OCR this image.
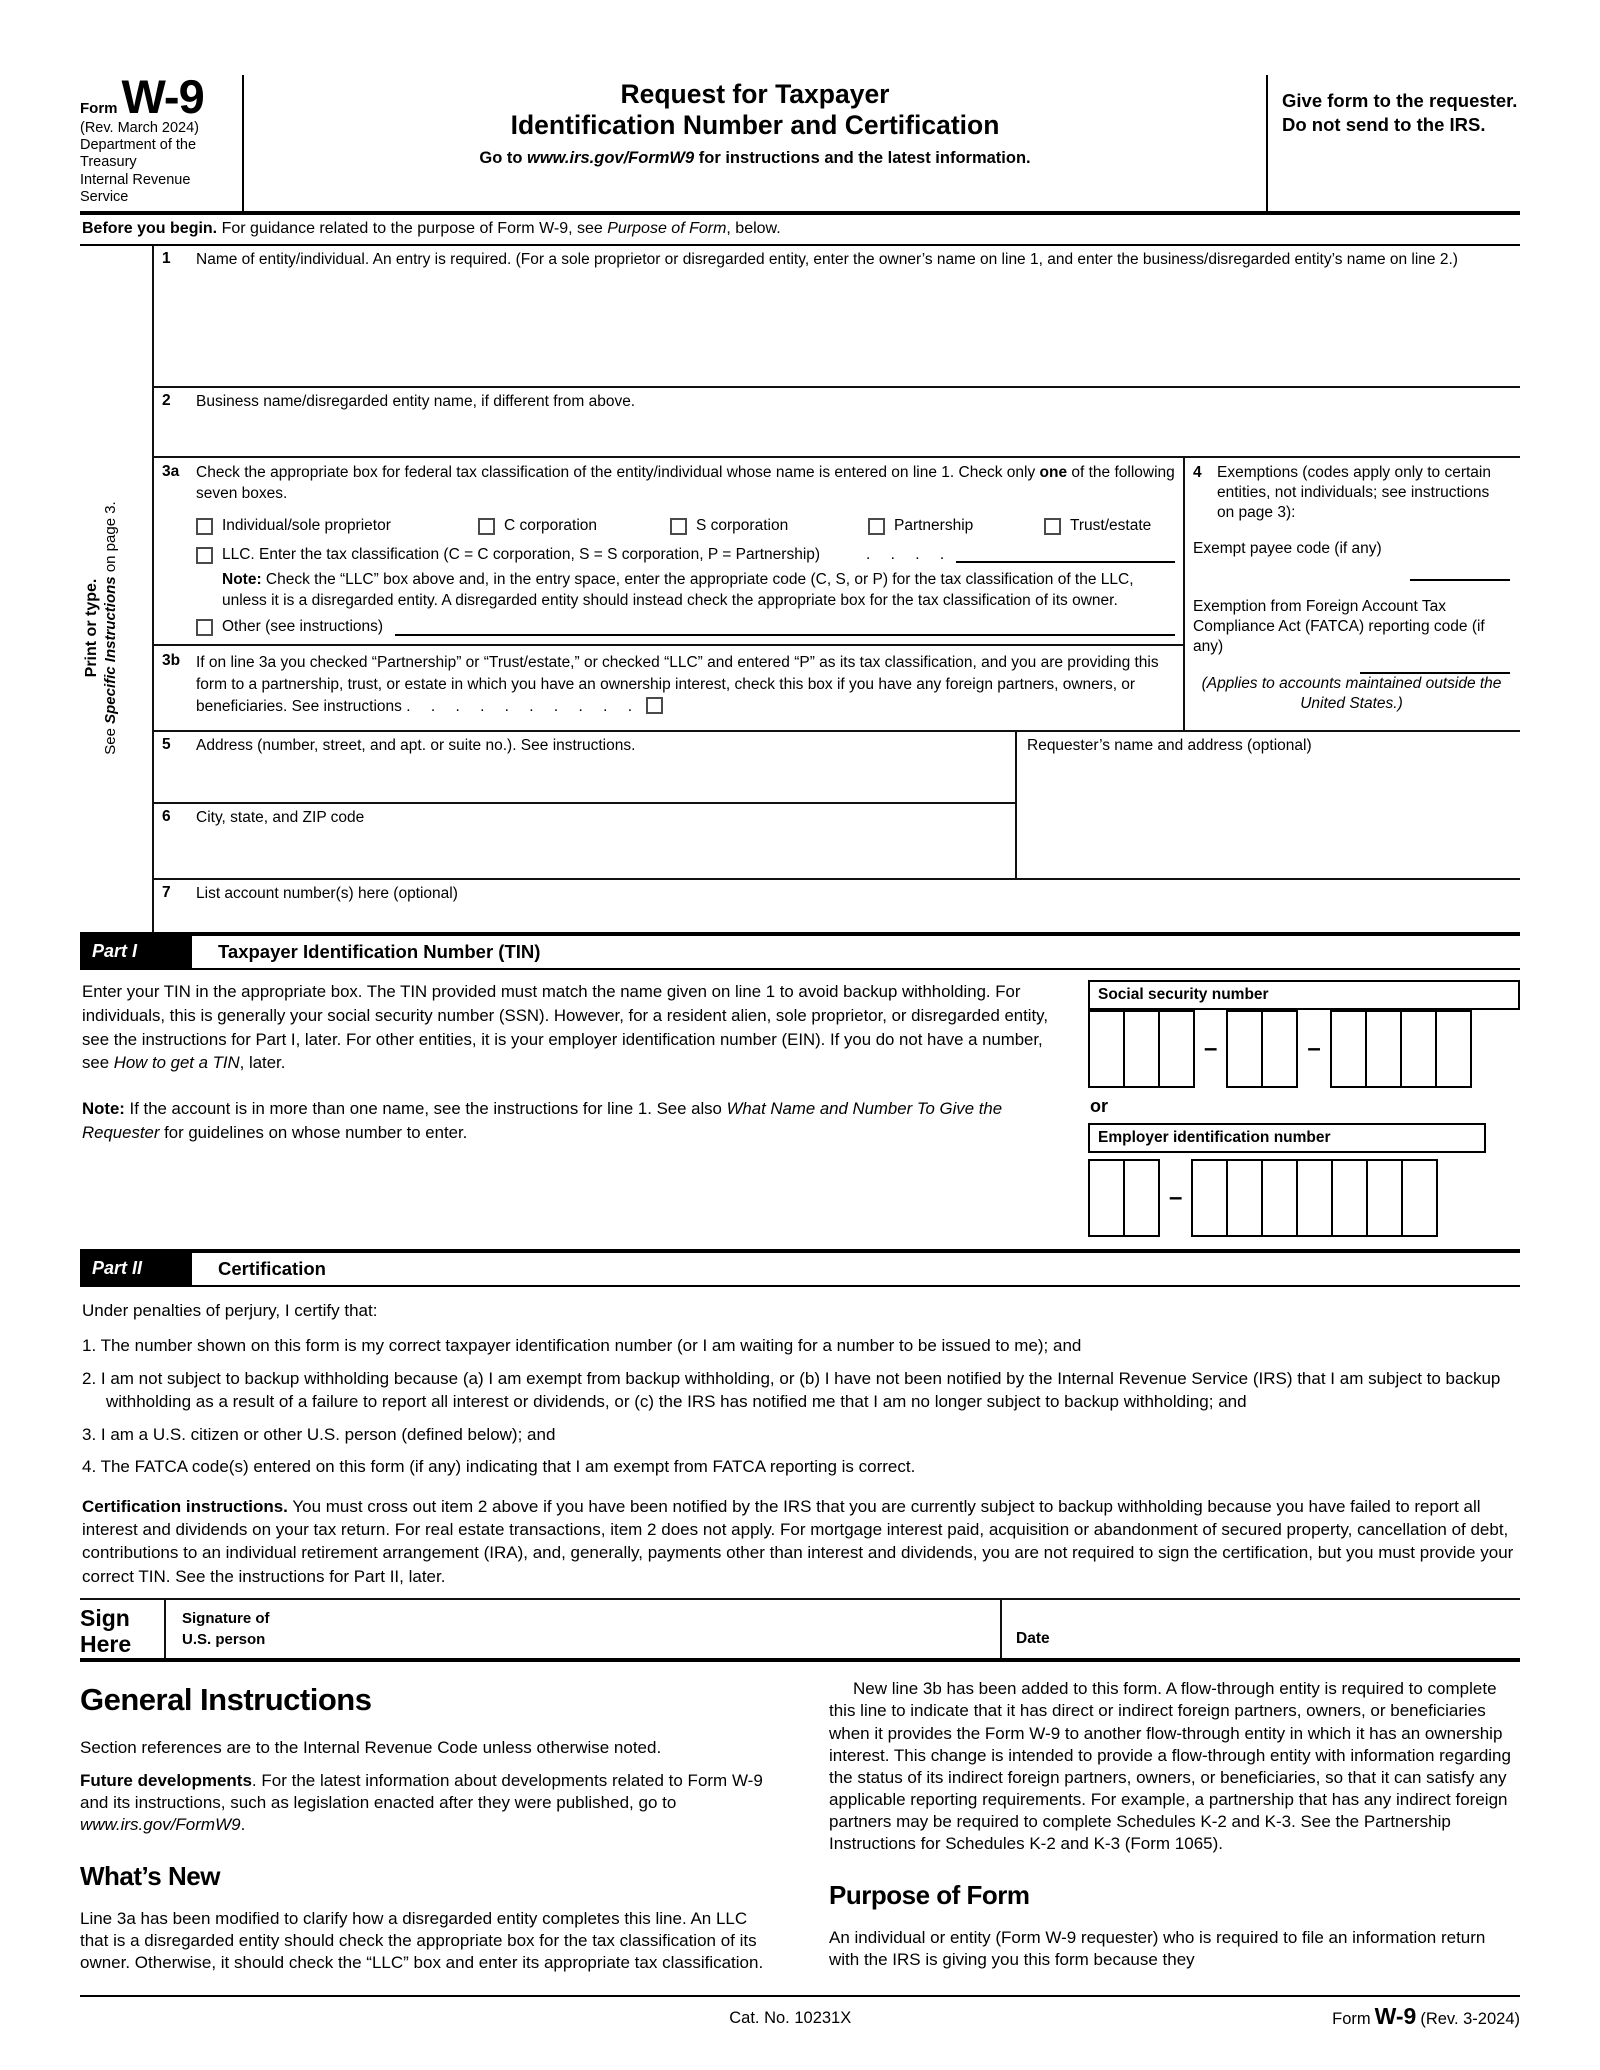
Form W-9
(Rev. March 2024)
Department of the Treasury
Internal Revenue Service
Request for Taxpayer
Identification Number and Certification
Go to www.irs.gov/FormW9 for instructions and the latest information.
Give form to the requester. Do not send to the IRS.
Before you begin. For guidance related to the purpose of Form W-9, see Purpose of Form, below.
Print or type.
See Specific Instructions on page 3.
1	Name of entity/individual. An entry is required. (For a sole proprietor or disregarded entity, enter the owner’s name on line 1, and enter the business/disregarded entity’s name on line 2.)
2	Business name/disregarded entity name, if different from above.
3a	Check the appropriate box for federal tax classification of the entity/individual whose name is entered on line 1. Check only one of the following seven boxes.
Individual/sole proprietor	C corporation	S corporation	Partnership	Trust/estate
LLC. Enter the tax classification (C = C corporation, S = S corporation, P = Partnership)	. . . .
Note: Check the “LLC” box above and, in the entry space, enter the appropriate code (C, S, or P) for the tax classification of the LLC, unless it is a disregarded entity. A disregarded entity should instead check the appropriate box for the tax classification of its owner.
Other (see instructions)
3b	If on line 3a you checked “Partnership” or “Trust/estate,” or checked “LLC” and entered “P” as its tax classification, and you are providing this form to a partnership, trust, or estate in which you have an ownership interest, check this box if you have any foreign partners, owners, or beneficiaries. See instructions . . . . . . . . . .
4 Exemptions (codes apply only to certain entities, not individuals; see instructions on page 3):
Exempt payee code (if any)
Exemption from Foreign Account Tax Compliance Act (FATCA) reporting code (if any)
(Applies to accounts maintained outside the United States.)
5	Address (number, street, and apt. or suite no.). See instructions.
6	City, state, and ZIP code
Requester’s name and address (optional)
7	List account number(s) here (optional)
Part I	Taxpayer Identification Number (TIN)
Enter your TIN in the appropriate box. The TIN provided must match the name given on line 1 to avoid backup withholding. For individuals, this is generally your social security number (SSN). However, for a resident alien, sole proprietor, or disregarded entity, see the instructions for Part I, later. For other entities, it is your employer identification number (EIN). If you do not have a number, see How to get a TIN, later.
Note: If the account is in more than one name, see the instructions for line 1. See also What Name and Number To Give the Requester for guidelines on whose number to enter.
Social security number
–	–
or
Employer identification number
–
Part II	Certification
Under penalties of perjury, I certify that:
1. The number shown on this form is my correct taxpayer identification number (or I am waiting for a number to be issued to me); and
2. I am not subject to backup withholding because (a) I am exempt from backup withholding, or (b) I have not been notified by the Internal Revenue Service (IRS) that I am subject to backup withholding as a result of a failure to report all interest or dividends, or (c) the IRS has notified me that I am no longer subject to backup withholding; and
3. I am a U.S. citizen or other U.S. person (defined below); and
4. The FATCA code(s) entered on this form (if any) indicating that I am exempt from FATCA reporting is correct.
Certification instructions. You must cross out item 2 above if you have been notified by the IRS that you are currently subject to backup withholding because you have failed to report all interest and dividends on your tax return. For real estate transactions, item 2 does not apply. For mortgage interest paid, acquisition or abandonment of secured property, cancellation of debt, contributions to an individual retirement arrangement (IRA), and, generally, payments other than interest and dividends, you are not required to sign the certification, but you must provide your correct TIN. See the instructions for Part II, later.
Sign
Here
Signature of
U.S. person	Date
General Instructions

Section references are to the Internal Revenue Code unless otherwise noted.

Future developments. For the latest information about developments related to Form W-9 and its instructions, such as legislation enacted after they were published, go to www.irs.gov/FormW9.

What’s New

Line 3a has been modified to clarify how a disregarded entity completes this line. An LLC that is a disregarded entity should check the appropriate box for the tax classification of its owner. Otherwise, it should check the “LLC” box and enter its appropriate tax classification.

New line 3b has been added to this form. A flow-through entity is required to complete this line to indicate that it has direct or indirect foreign partners, owners, or beneficiaries when it provides the Form W-9 to another flow-through entity in which it has an ownership interest. This change is intended to provide a flow-through entity with information regarding the status of its indirect foreign partners, owners, or beneficiaries, so that it can satisfy any applicable reporting requirements. For example, a partnership that has any indirect foreign partners may be required to complete Schedules K-2 and K-3. See the Partnership Instructions for Schedules K-2 and K-3 (Form 1065).

Purpose of Form

An individual or entity (Form W-9 requester) who is required to file an information return with the IRS is giving you this form because they

Cat. No. 10231X	Form W-9 (Rev. 3-2024)
